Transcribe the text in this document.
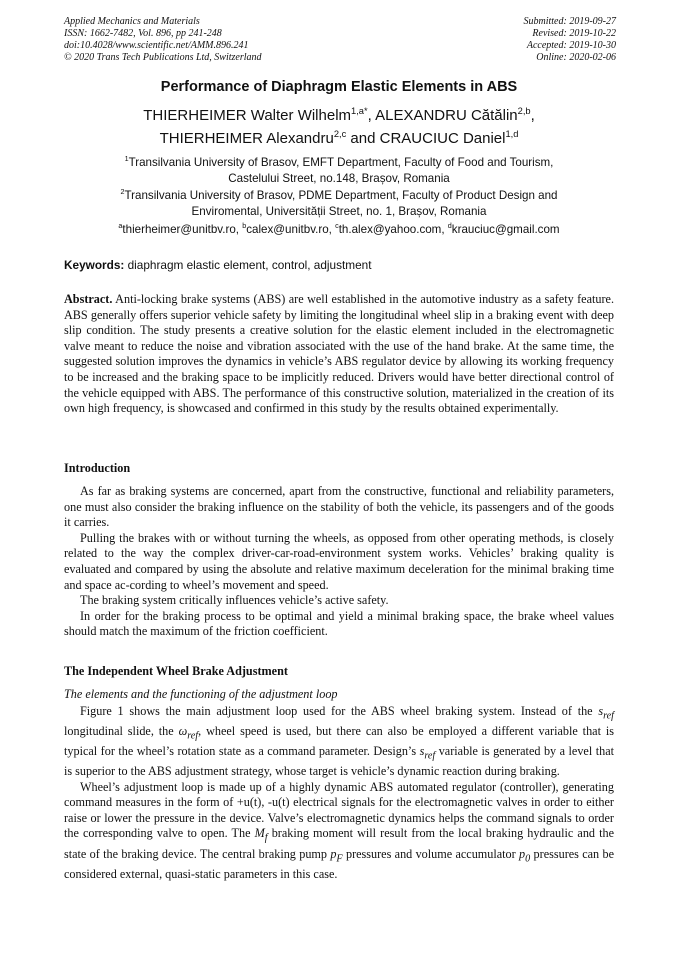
Applied Mechanics and Materials
ISSN: 1662-7482, Vol. 896, pp 241-248
doi:10.4028/www.scientific.net/AMM.896.241
© 2020 Trans Tech Publications Ltd, Switzerland
Submitted: 2019-09-27
Revised: 2019-10-22
Accepted: 2019-10-30
Online: 2020-02-06
Performance of Diaphragm Elastic Elements in ABS
THIERHEIMER Walter Wilhelm$^{1,a*}$, ALEXANDRU Cătălin$^{2,b}$,
THIERHEIMER Alexandru$^{2,c}$ and CRAUCIUC Daniel$^{1,d}$
$^1$Transilvania University of Brasov, EMFT Department, Faculty of Food and Tourism,
Castelului Street, no.148, Brașov, Romania
$^2$Transilvania University of Brasov, PDME Department, Faculty of Product Design and
Enviromental, Universității Street, no. 1, Brașov, Romania
$^a$thierheimer@unitbv.ro, $^b$calex@unitbv.ro, $^c$th.alex@yahoo.com, $^d$krauciuc@gmail.com
Keywords: diaphragm elastic element, control, adjustment

Abstract. Anti-locking brake systems (ABS) are well established in the automotive industry as a safety feature. ABS generally offers superior vehicle safety by limiting the longitudinal wheel slip in a braking event with deep slip condition. The study presents a creative solution for the elastic element included in the electromagnetic valve meant to reduce the noise and vibration associated with the use of the hand brake. At the same time, the suggested solution improves the dynamics in vehicle’s ABS regulator device by allowing its working frequency to be increased and the braking space to be implicitly reduced. Drivers would have better directional control of the vehicle equipped with ABS. The performance of this constructive solution, materialized in the creation of its own high frequency, is showcased and confirmed in this study by the results obtained experimentally.

Introduction

As far as braking systems are concerned, apart from the constructive, functional and reliability parameters, one must also consider the braking influence on the stability of both the vehicle, its passengers and of the goods it carries.

Pulling the brakes with or without turning the wheels, as opposed from other operating methods, is closely related to the way the complex driver-car-road-environment system works. Vehicles’ braking quality is evaluated and compared by using the absolute and relative maximum deceleration for the minimal braking time and space ac-cording to wheel’s movement and speed.

The braking system critically influences vehicle’s active safety.

In order for the braking process to be optimal and yield a minimal braking space, the brake wheel values should match the maximum of the friction coefficient.

The Independent Wheel Brake Adjustment
The elements and the functioning of the adjustment loop

Figure 1 shows the main adjustment loop used for the ABS wheel braking system. Instead of the $s_{ref}$ longitudinal slide, the $\omega_{ref}$, wheel speed is used, but there can also be employed a different variable that is typical for the wheel’s rotation state as a command parameter. Design’s $s_{ref}$ variable is generated by a level that is superior to the ABS adjustment strategy, whose target is vehicle’s dynamic reaction during braking.

Wheel’s adjustment loop is made up of a highly dynamic ABS automated regulator (controller), generating command measures in the form of +u(t), -u(t) electrical signals for the electromagnetic valves in order to either raise or lower the pressure in the device. Valve’s electromagnetic dynamics helps the command signals to order the corresponding valve to open. The $M_f$ braking moment will result from the local braking hydraulic and the state of the braking device. The central braking pump $p_F$ pressures and volume accumulator $p_0$ pressures can be considered external, quasi-static parameters in this case.
